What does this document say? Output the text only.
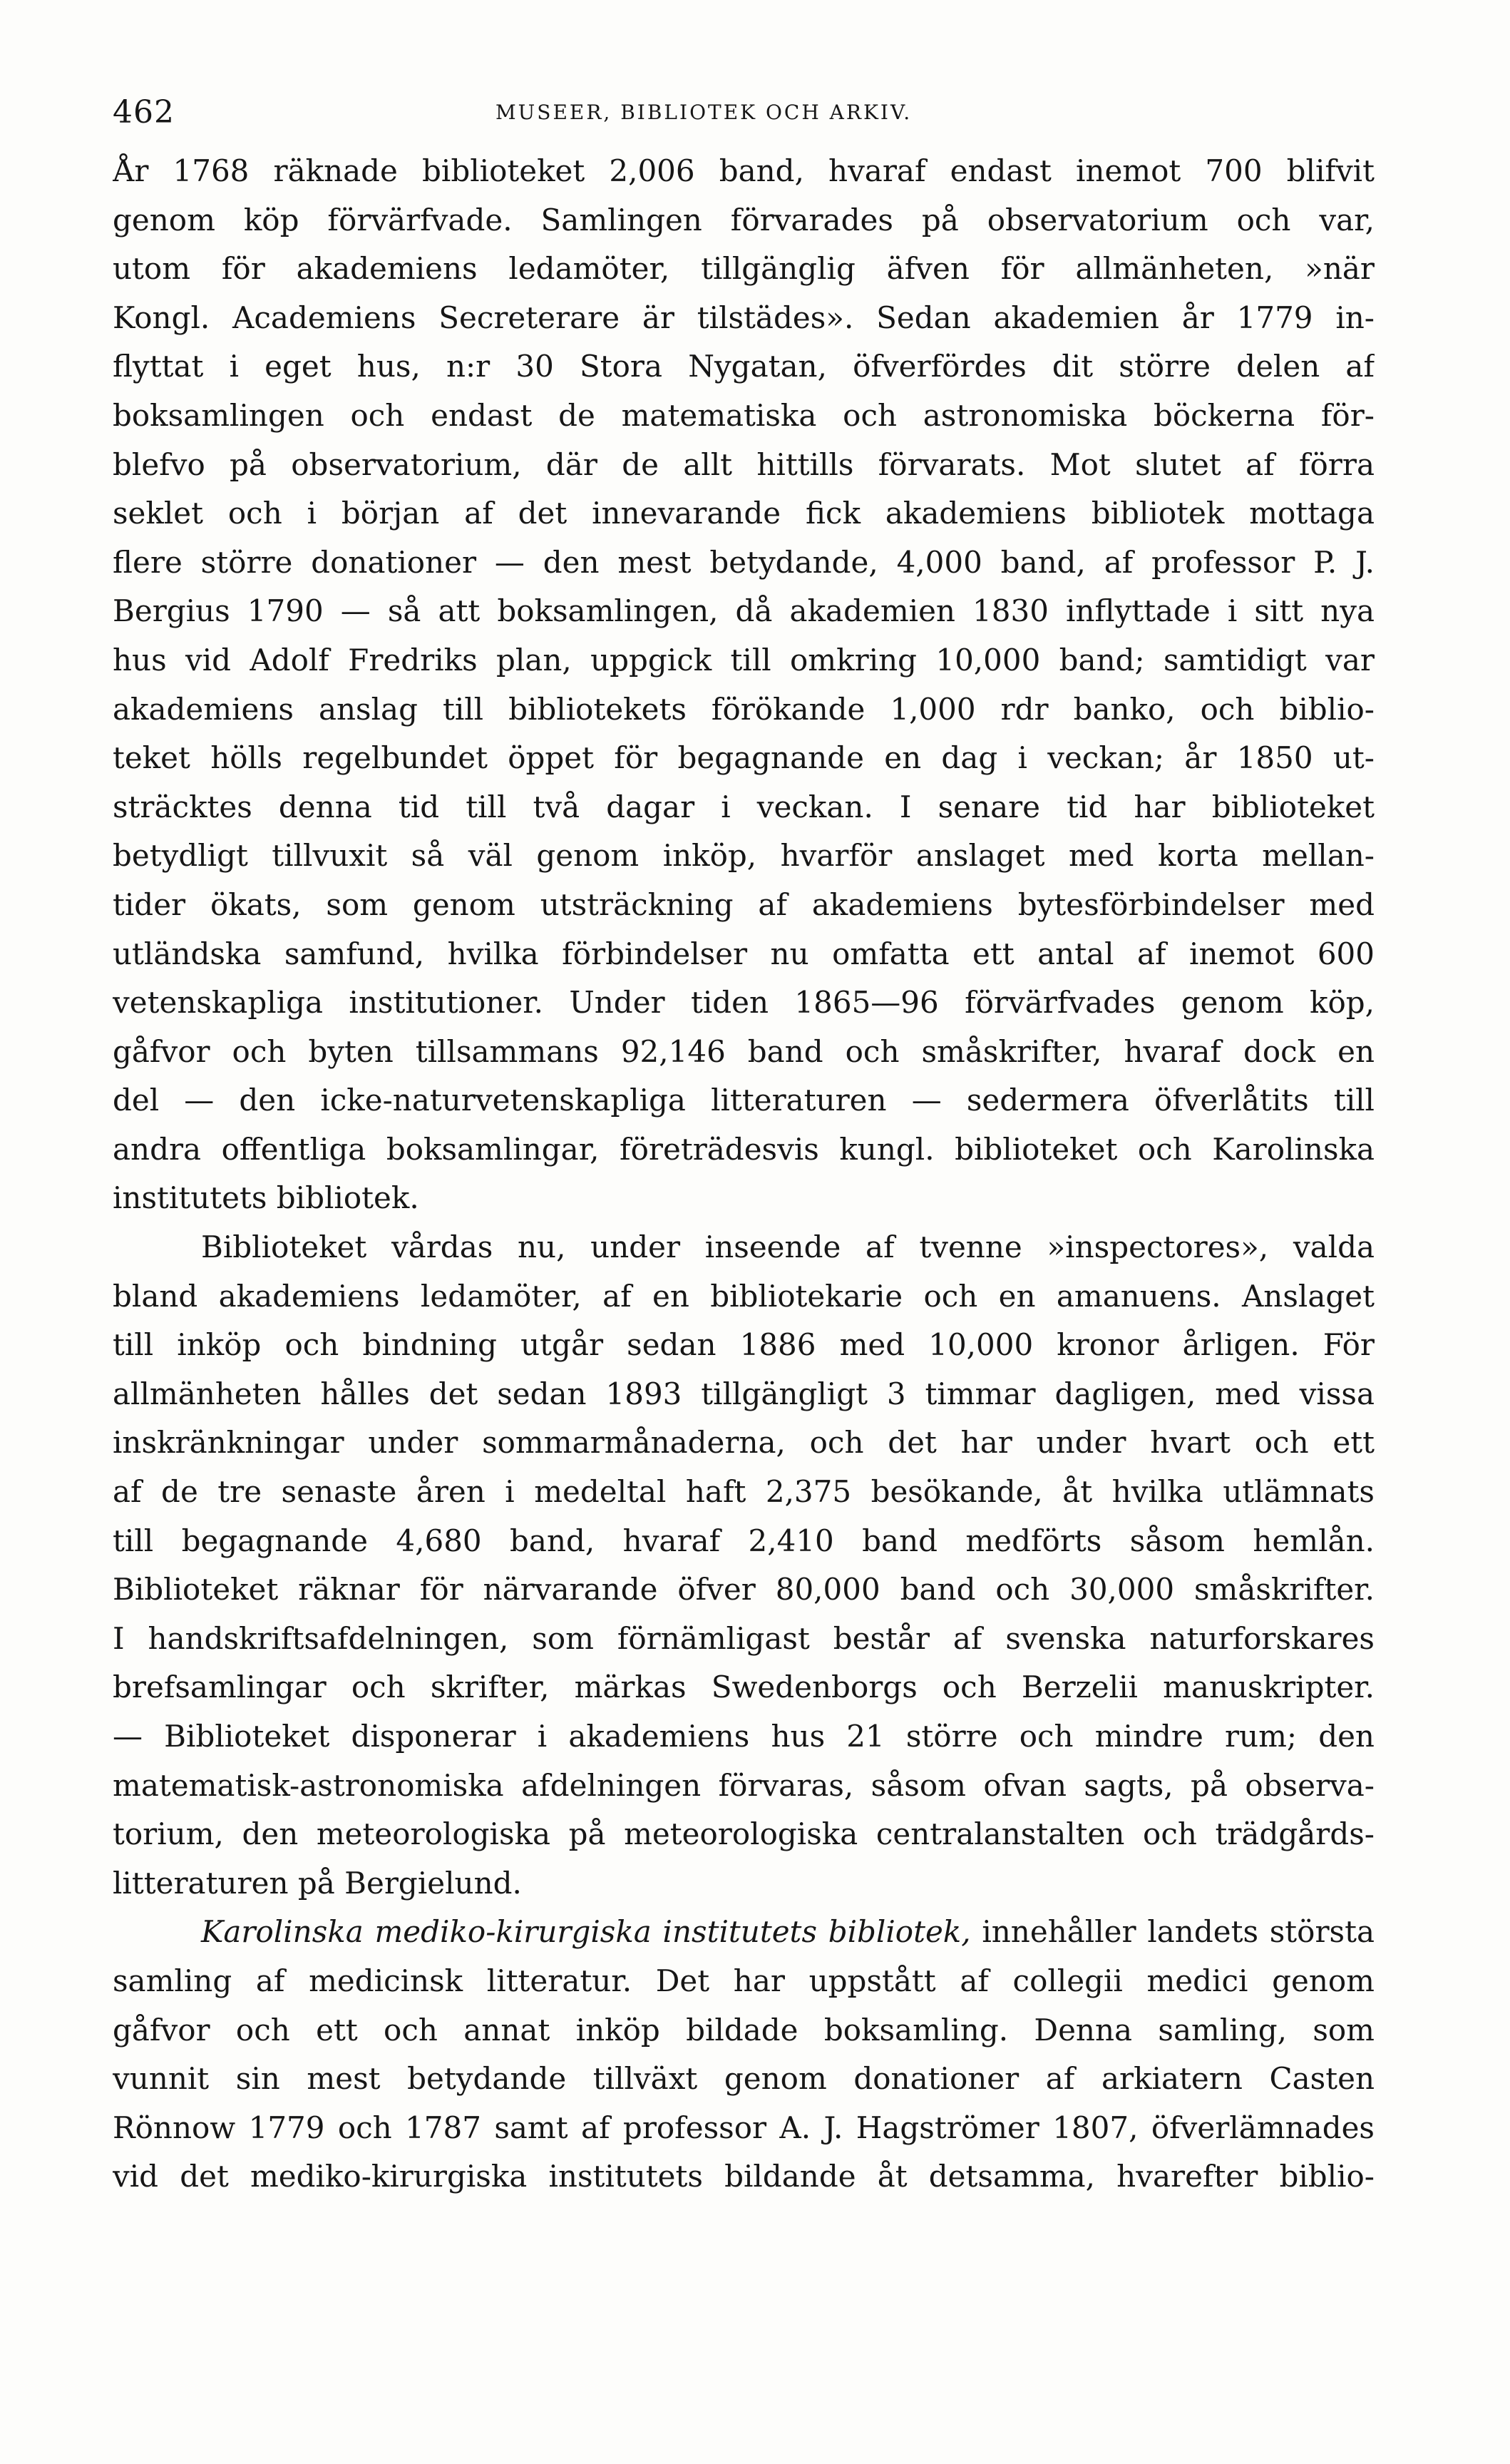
462	MUSEER, BIBLIOTEK OCH ARKIV.
År 1768 räknade biblioteket 2,006 band, hvaraf endast inemot 700 blifvit
genom köp förvärfvade. Samlingen förvarades på observatorium och var,
utom för akademiens ledamöter, tillgänglig äfven för allmänheten, »när
Kongl. Academiens Secreterare är tilstädes». Sedan akademien år 1779 in-
flyttat i eget hus, n:r 30 Stora Nygatan, öfverfördes dit större delen af
boksamlingen och endast de matematiska och astronomiska böckerna för-
blefvo på observatorium, där de allt hittills förvarats. Mot slutet af förra
seklet och i början af det innevarande fick akademiens bibliotek mottaga
flere större donationer — den mest betydande, 4,000 band, af professor P. J.
Bergius 1790 — så att boksamlingen, då akademien 1830 inflyttade i sitt nya
hus vid Adolf Fredriks plan, uppgick till omkring 10,000 band; samtidigt var
akademiens anslag till bibliotekets förökande 1,000 rdr banko, och biblio-
teket hölls regelbundet öppet för begagnande en dag i veckan; år 1850 ut-
sträcktes denna tid till två dagar i veckan. I senare tid har biblioteket
betydligt tillvuxit så väl genom inköp, hvarför anslaget med korta mellan-
tider ökats, som genom utsträckning af akademiens bytesförbindelser med
utländska samfund, hvilka förbindelser nu omfatta ett antal af inemot 600
vetenskapliga institutioner. Under tiden 1865—96 förvärfvades genom köp,
gåfvor och byten tillsammans 92,146 band och småskrifter, hvaraf dock en
del — den icke-naturvetenskapliga litteraturen — sedermera öfverlåtits till
andra offentliga boksamlingar, företrädesvis kungl. biblioteket och Karolinska
institutets bibliotek.
Biblioteket vårdas nu, under inseende af tvenne »inspectores», valda
bland akademiens ledamöter, af en bibliotekarie och en amanuens. Anslaget
till inköp och bindning utgår sedan 1886 med 10,000 kronor årligen. För
allmänheten hålles det sedan 1893 tillgängligt 3 timmar dagligen, med vissa
inskränkningar under sommarmånaderna, och det har under hvart och ett
af de tre senaste åren i medeltal haft 2,375 besökande, åt hvilka utlämnats
till begagnande 4,680 band, hvaraf 2,410 band medförts såsom hemlån.
Biblioteket räknar för närvarande öfver 80,000 band och 30,000 småskrifter.
I handskriftsafdelningen, som förnämligast består af svenska naturforskares
brefsamlingar och skrifter, märkas Swedenborgs och Berzelii manuskripter.
— Biblioteket disponerar i akademiens hus 21 större och mindre rum; den
matematisk-astronomiska afdelningen förvaras, såsom ofvan sagts, på observa-
torium, den meteorologiska på meteorologiska centralanstalten och trädgårds-
litteraturen på Bergielund.
Karolinska mediko-kirurgiska institutets bibliotek, innehåller landets största
samling af medicinsk litteratur. Det har uppstått af collegii medici genom
gåfvor och ett och annat inköp bildade boksamling. Denna samling, som
vunnit sin mest betydande tillväxt genom donationer af arkiatern Casten
Rönnow 1779 och 1787 samt af professor A. J. Hagströmer 1807, öfverlämnades
vid det mediko-kirurgiska institutets bildande åt detsamma, hvarefter biblio-
